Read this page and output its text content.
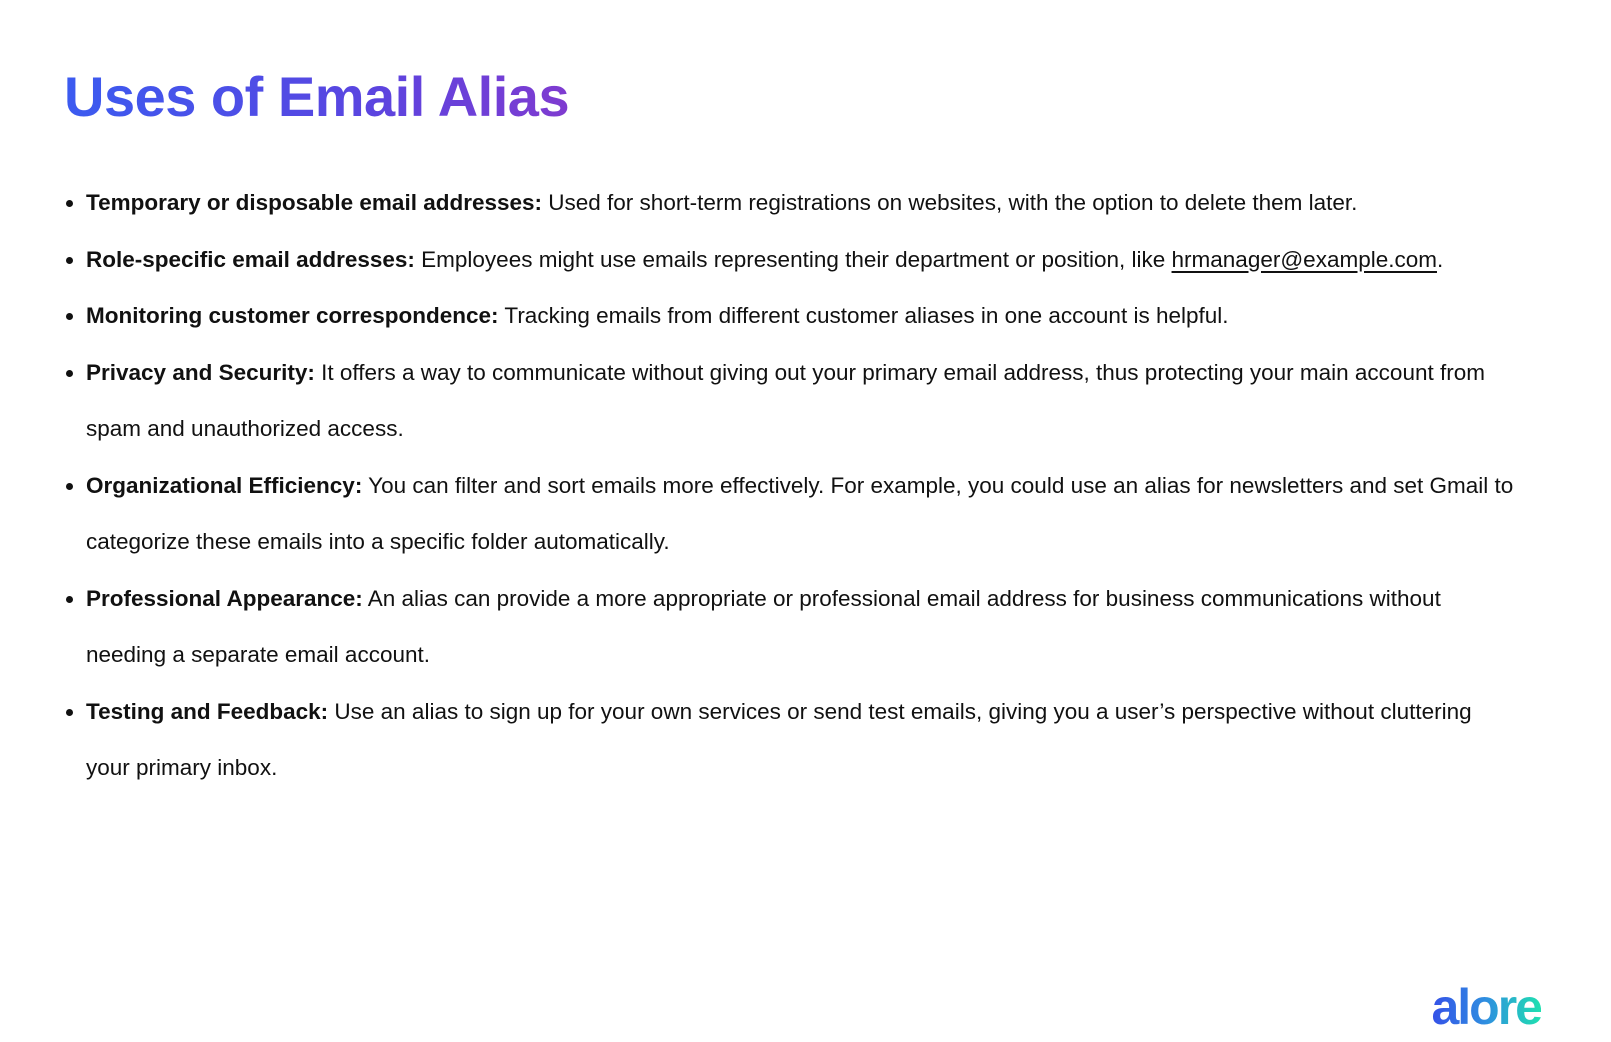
Uses of Email Alias
Temporary or disposable email addresses: Used for short-term registrations on websites, with the option to delete them later.
Role-specific email addresses: Employees might use emails representing their department or position, like hrmanager@example.com.
Monitoring customer correspondence: Tracking emails from different customer aliases in one account is helpful.
Privacy and Security: It offers a way to communicate without giving out your primary email address, thus protecting your main account from spam and unauthorized access.
Organizational Efficiency: You can filter and sort emails more effectively. For example, you could use an alias for newsletters and set Gmail to categorize these emails into a specific folder automatically.
Professional Appearance: An alias can provide a more appropriate or professional email address for business communications without needing a separate email account.
Testing and Feedback: Use an alias to sign up for your own services or send test emails, giving you a user’s perspective without cluttering your primary inbox.
alore
